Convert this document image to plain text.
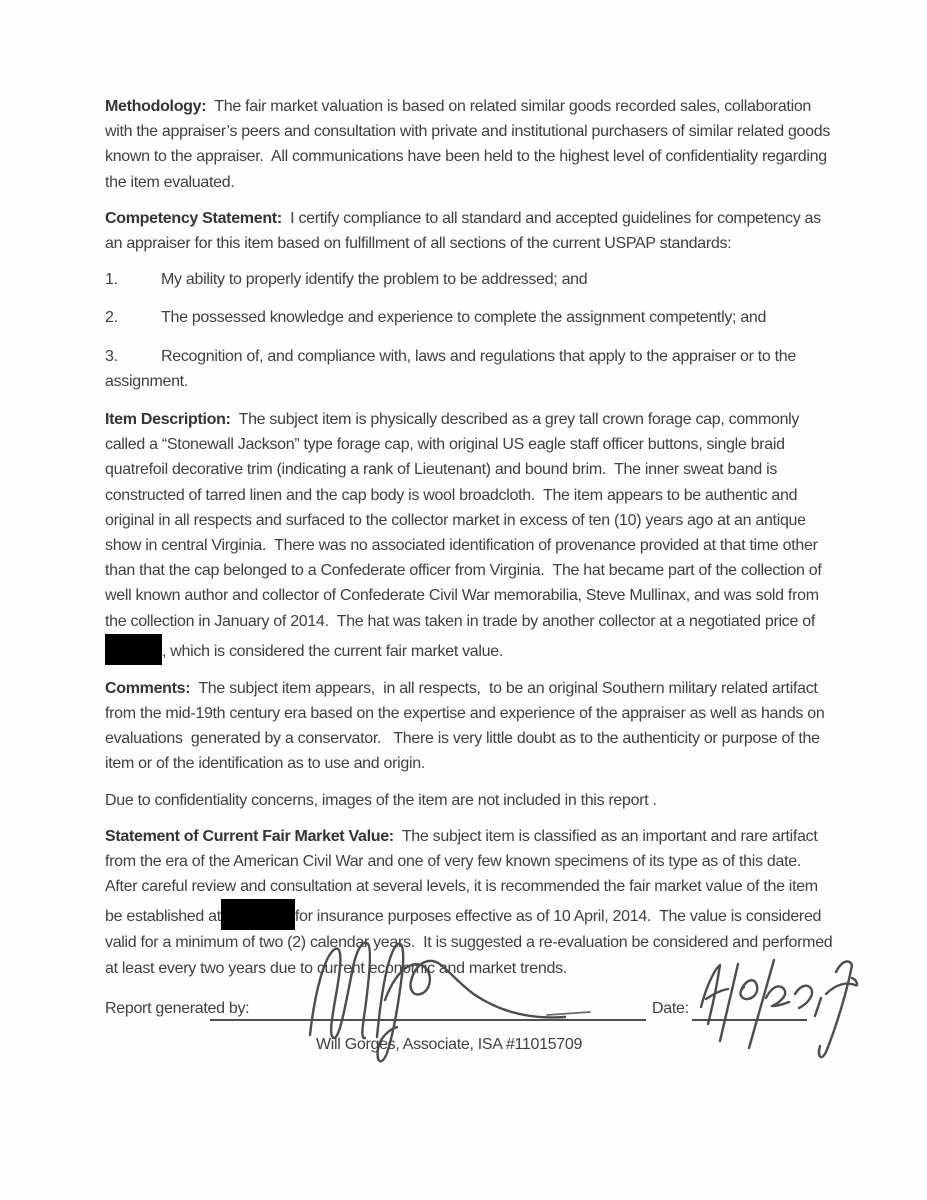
Methodology:  The fair market valuation is based on related similar goods recorded sales, collaboration with the appraiser’s peers and consultation with private and institutional purchasers of similar related goods known to the appraiser.  All communications have been held to the highest level of confidentiality regarding the item evaluated.

Competency Statement:  I certify compliance to all standard and accepted guidelines for competency as an appraiser for this item based on fulfillment of all sections of the current USPAP standards:

1.	My ability to properly identify the problem to be addressed; and

2.	The possessed knowledge and experience to complete the assignment competently; and

3.	Recognition of, and compliance with, laws and regulations that apply to the appraiser or to the assignment.

Item Description:  The subject item is physically described as a grey tall crown forage cap, commonly called a “Stonewall Jackson” type forage cap, with original US eagle staff officer buttons, single braid quatrefoil decorative trim (indicating a rank of Lieutenant) and bound brim.  The inner sweat band is constructed of tarred linen and the cap body is wool broadcloth.  The item appears to be authentic and original in all respects and surfaced to the collector market in excess of ten (10) years ago at an antique show in central Virginia.  There was no associated identification of provenance provided at that time other than that the cap belonged to a Confederate officer from Virginia.  The hat became part of the collection of well known author and collector of Confederate Civil War memorabilia, Steve Mullinax, and was sold from the collection in January of 2014.  The hat was taken in trade by another collector at a negotiated price of , which is considered the current fair market value.

Comments:  The subject item appears,  in all respects,  to be an original Southern military related artifact from the mid-19th century era based on the expertise and experience of the appraiser as well as hands on evaluations  generated by a conservator.   There is very little doubt as to the authenticity or purpose of the item or of the identification as to use and origin.

Due to confidentiality concerns, images of the item are not included in this report .

Statement of Current Fair Market Value:  The subject item is classified as an important and rare artifact from the era of the American Civil War and one of very few known specimens of its type as of this date.  After careful review and consultation at several levels, it is recommended the fair market value of the item  be established at	for insurance purposes effective as of 10 April, 2014.  The value is considered valid for a minimum of two (2) calendar years.  It is suggested a re-evaluation be considered and performed  at least every two years due to current economic and market trends.

Report generated by:	Date:
Will Gorges, Associate, ISA #11015709
